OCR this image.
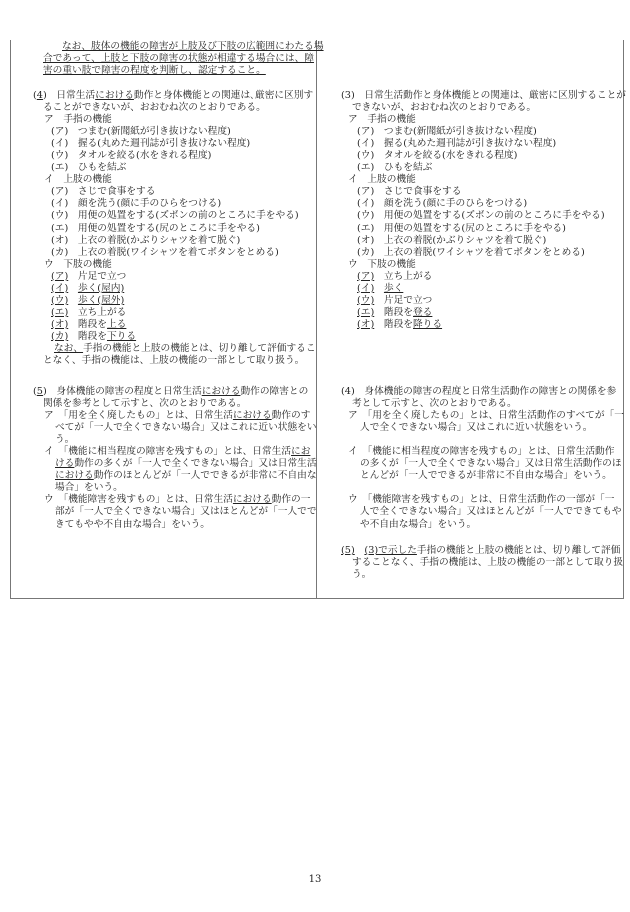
なお、肢体の機能の障害が上肢及び下肢の広範囲にわたる場
合であって、上肢と下肢の障害の状態が相違する場合には、障
害の重い肢で障害の程度を判断し、認定すること。
(4)　日常生活における動作と身体機能との関連は､厳密に区別す
ることができないが、おおむね次のとおりである。
ア　手指の機能
(ア)　つまむ(新聞紙が引き抜けない程度)
(イ)　握る(丸めた週刊誌が引き抜けない程度)
(ウ)　タオルを絞る(水をきれる程度)
(エ)　ひもを結ぶ
イ　上肢の機能
(ア)　さじで食事をする
(イ)　顔を洗う(顔に手のひらをつける)
(ウ)　用便の処置をする(ズボンの前のところに手をやる)
(エ)　用便の処置をする(尻のところに手をやる)
(オ)　上衣の着脱(かぶりシャツを着て脱ぐ)
(カ)　上衣の着脱(ワイシャツを着てボタンをとめる)
ウ　下肢の機能
(ア)　片足で立つ
(イ)　 歩く(屋内)
(ウ)　 歩く(屋外)
(エ)　立ち上がる
(オ)　階段を上る
(カ)　階段を下りる
なお、手指の機能と上肢の機能とは、切り離して評価するこ
となく、手指の機能は、上肢の機能の一部として取り扱う。
(5)　身体機能の障害の程度と日常生活における動作の障害との
関係を参考として示すと、次のとおりである。
ア　「用を全く廃したもの」とは、日常生活における動作のす
べてが「一人で全くできない場合」又はこれに近い状態をい
う。
イ　「機能に相当程度の障害を残すもの」とは、日常生活にお
ける動作の多くが「一人で全くできない場合」又は日常生活
における動作のほとんどが「一人でできるが非常に不自由な
場合」をいう。
ウ　「機能障害を残すもの」とは、日常生活における動作の一
部が「一人で全くできない場合」又はほとんどが「一人でで
きてもやや不自由な場合」をいう。
(3)　日常生活動作と身体機能との関連は、厳密に区別することが
できないが、おおむね次のとおりである。
ア　手指の機能
(ア)　つまむ(新聞紙が引き抜けない程度)
(イ)　握る(丸めた週刊誌が引き抜けない程度)
(ウ)　タオルを絞る(水をきれる程度)
(エ)　ひもを結ぶ
イ　上肢の機能
(ア)　さじで食事をする
(イ)　顔を洗う(顔に手のひらをつける)
(ウ)　用便の処置をする(ズボンの前のところに手をやる)
(エ)　用便の処置をする(尻のところに手をやる)
(オ)　上衣の着脱(かぶりシャツを着て脱ぐ)
(カ)　上衣の着脱(ワイシャツを着てボタンをとめる)
ウ　下肢の機能
(ア)　立ち上がる
(イ)　 歩く
(ウ)　片足で立つ
(エ)　階段を登る
(オ)　階段を降りる
(4)　身体機能の障害の程度と日常生活動作の障害との関係を参
考として示すと、次のとおりである。
ア　「用を全く廃したもの」とは、日常生活動作のすべてが「一
人で全くできない場合」又はこれに近い状態をいう。
イ　「機能に相当程度の障害を残すもの」とは、日常生活動作
の多くが「一人で全くできない場合」又は日常生活動作のほ
とんどが「一人でできるが非常に不自由な場合」をいう。
ウ　「機能障害を残すもの」とは、日常生活動作の一部が「一
人で全くできない場合」又はほとんどが「一人でできてもや
や不自由な場合」をいう。
(5)　 (3)で示した手指の機能と上肢の機能とは、切り離して評価
することなく、手指の機能は、上肢の機能の一部として取り扱
う。
13
